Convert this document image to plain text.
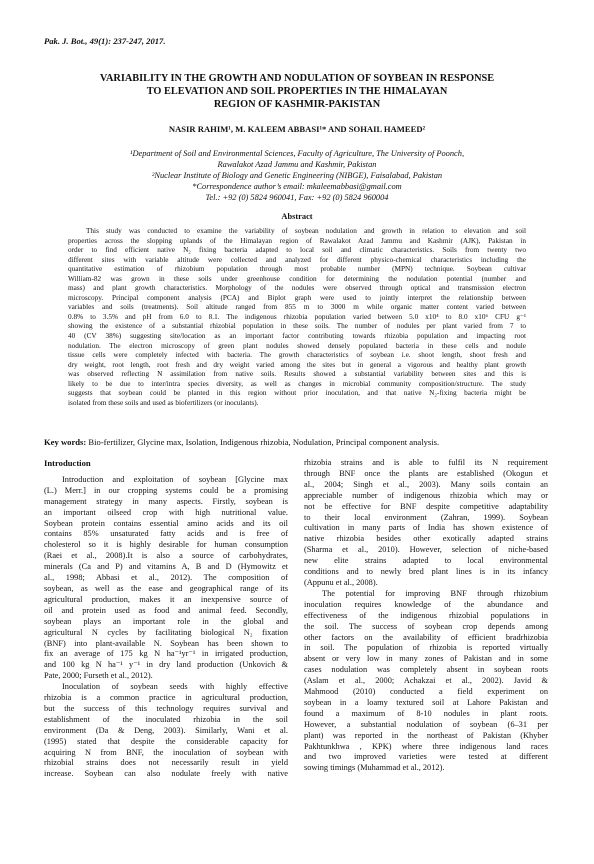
Pak. J. Bot., 49(1): 237-247, 2017.
VARIABILITY IN THE GROWTH AND NODULATION OF SOYBEAN IN RESPONSE
TO ELEVATION AND SOIL PROPERTIES IN THE HIMALAYAN
REGION OF KASHMIR-PAKISTAN
NASIR RAHIM¹, M. KALEEM ABBASI¹* AND SOHAIL HAMEED²
¹Department of Soil and Environmental Sciences, Faculty of Agriculture, The University of Poonch,
Rawalakot Azad Jammu and Kashmir, Pakistan
²Nuclear Institute of Biology and Genetic Engineering (NIBGE), Faisalabad, Pakistan
*Correspondence author’s email: mkaleemabbasi@gmail.com
Tel.: +92 (0) 5824 960041, Fax: +92 (0) 5824 960004
Abstract
This study was conducted to examine the variability of soybean nodulation and growth in relation to elevation and soil
properties across the slopping uplands of the Himalayan region of Rawalakot Azad Jammu and Kashmir (AJK), Pakistan in
order to find efficient native N₂ fixing bacteria adapted to local soil and climatic characteristics. Soils from twenty two
different sites with variable altitude were collected and analyzed for different physico-chemical characteristics including the
quantitative estimation of rhizobium population through most probable number (MPN) technique. Soybean cultivar
William-82 was grown in these soils under greenhouse condition for determining the nodulation potential (number and
mass) and plant growth characteristics. Morphology of the nodules were observed through optical and transmission electron
microscopy. Principal component analysis (PCA) and Biplot graph were used to jointly interpret the relationship between
variables and soils (treatments). Soil altitude ranged from 855 m to 3000 m while organic matter content varied between
0.8% to 3.5% and pH from 6.0 to 8.1. The indigenous rhizobia population varied between 5.0 x10⁴ to 8.0 x10⁶ CFU g⁻¹
showing the existence of a substantial rhizobial population in these soils. The number of nodules per plant varied from 7 to
40 (CV 38%) suggesting site/location as an important factor contributing towards rhizobia population and impacting root
nodulation. The electron microscopy of green plant nodules showed densely populated bacteria in these cells and nodule
tissue cells were completely infected with bacteria. The growth characteristics of soybean i.e. shoot length, shoot fresh and
dry weight, root length, root fresh and dry weight varied among the sites but in general a vigorous and healthy plant growth
was observed reflecting N assimilation from native soils. Results showed a substantial variability between sites and this is
likely to be due to inter/intra species diversity, as well as changes in microbial community composition/structure. The study
suggests that soybean could be planted in this region without prior inoculation, and that native N₂-fixing bacteria might be
isolated from these soils and used as biofertilizers (or inoculants).
Key words: Bio-fertilizer, Glycine max, Isolation, Indigenous rhizobia, Nodulation, Principal component analysis.
Introduction
Introduction and exploitation of soybean [Glycine max
(L.) Merr.] in our cropping systems could be a promising
management strategy in many aspects. Firstly, soybean is
an important oilseed crop with high nutritional value.
Soybean protein contains essential amino acids and its oil
contains 85% unsaturated fatty acids and is free of
cholesterol so it is highly desirable for human consumption
(Raei et al., 2008).It is also a source of carbohydrates,
minerals (Ca and P) and vitamins A, B and D (Hymowitz et
al., 1998; Abbasi et al., 2012). The composition of
soybean, as well as the ease and geographical range of its
agricultural production, makes it an inexpensive source of
oil and protein used as food and animal feed. Secondly,
soybean plays an important role in the global and
agricultural N cycles by facilitating biological N₂ fixation
(BNF) into plant-available N. Soybean has been shown to
fix an average of 175 kg N ha⁻¹yr⁻¹ in irrigated production,
and 100 kg N ha⁻¹ y⁻¹ in dry land production (Unkovich &
Pate, 2000; Furseth et al., 2012).
Inoculation of soybean seeds with highly effective
rhizobia is a common practice in agricultural production,
but the success of this technology requires survival and
establishment of the inoculated rhizobia in the soil
environment (Da & Deng, 2003). Similarly, Wani et al.
(1995) stated that despite the considerable capacity for
acquiring N from BNF, the inoculation of soybean with
rhizobial strains does not necessarily result in yield
increase. Soybean can also nodulate freely with native
rhizobia strains and is able to fulfil its N requirement
through BNF once the plants are established (Okogun et
al., 2004; Singh et al., 2003). Many soils contain an
appreciable number of indigenous rhizobia which may or
not be effective for BNF despite competitive adaptability
to their local environment (Zahran, 1999). Soybean
cultivation in many parts of India has shown existence of
native rhizobia besides other exotically adapted strains
(Sharma et al., 2010). However, selection of niche-based
new elite strains adapted to local environmental
conditions and to newly bred plant lines is in its infancy
(Appunu et al., 2008).
The potential for improving BNF through rhizobium
inoculation requires knowledge of the abundance and
effectiveness of the indigenous rhizobial populations in
the soil. The success of soybean crop depends among
other factors on the availability of efficient bradrhizobia
in soil. The population of rhizobia is reported virtually
absent or very low in many zones of Pakistan and in some
cases nodulation was completely absent in soybean roots
(Aslam et al., 2000; Achakzai et al., 2002). Javid &
Mahmood (2010) conducted a field experiment on
soybean in a loamy textured soil at Lahore Pakistan and
found a maximum of 8-10 nodules in plant roots.
However, a substantial nodulation of soybean (6–31 per
plant) was reported in the northeast of Pakistan (Khyber
Pakhtunkhwa , KPK) where three indigenous land races
and two improved varieties were tested at different
sowing timings (Muhammad et al., 2012).
